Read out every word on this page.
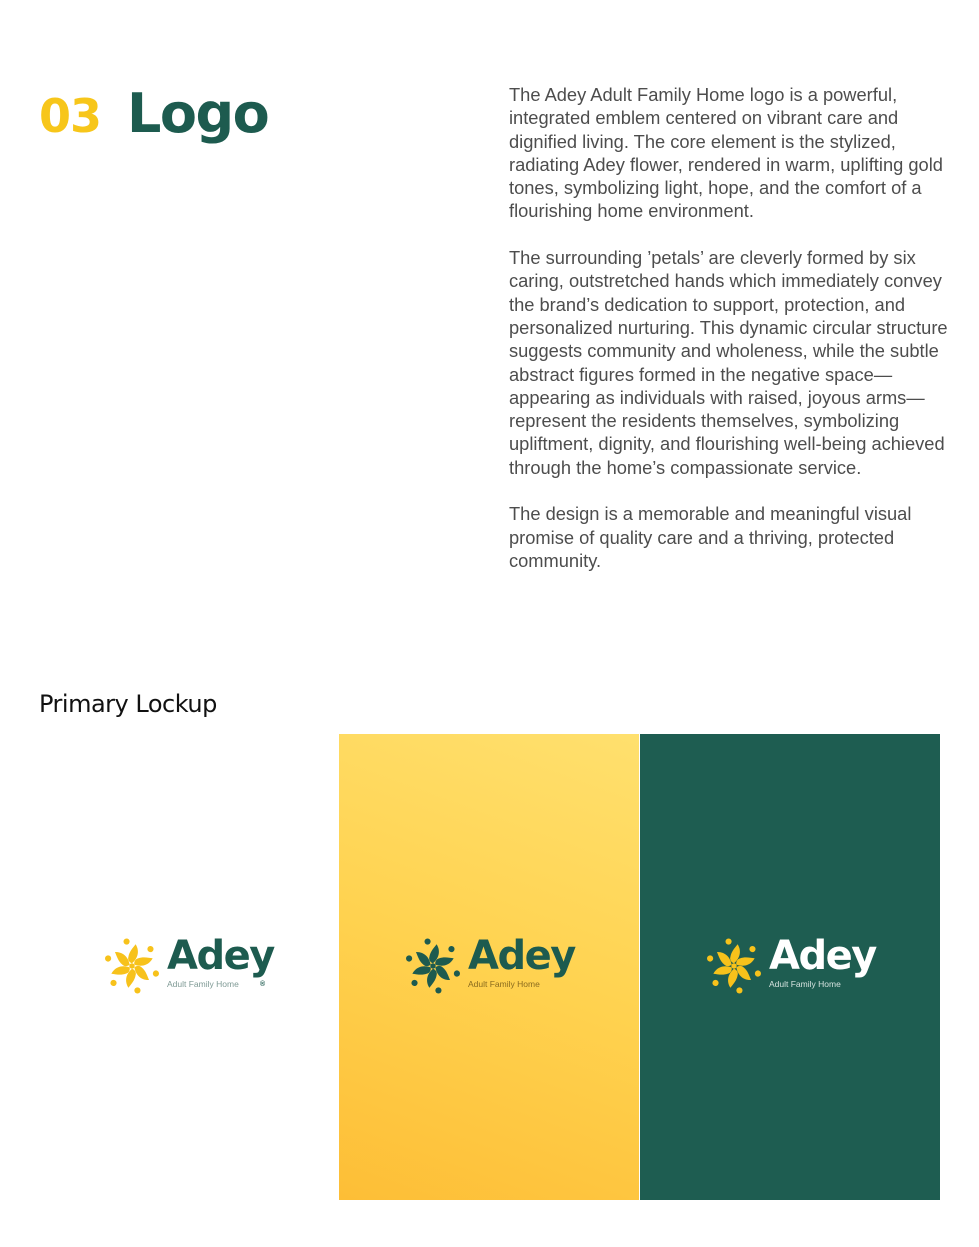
03 Logo	The Adey Adult Family Home logo is a powerful, integrated emblem centered on vibrant care and dignified living. The core element is the stylized, radiating Adey flower, rendered in warm, uplifting gold tones, symbolizing light, hope, and the comfort of a flourishing home environment.

The surrounding ’petals’ are cleverly formed by six caring, outstretched hands which immediately convey the brand’s dedication to support, protection, and personalized nurturing. This dynamic circular structure suggests community and wholeness, while the subtle abstract figures formed in the negative space—appearing as individuals with raised, joyous arms—represent the residents themselves, symbolizing upliftment, dignity, and flourishing well-being achieved through the home’s compassionate service.

The design is a memorable and meaningful visual promise of quality care and a thriving, protected community.

Primary Lockup
Adey
Adult Family Home	®
Adey
Adult Family Home
Adey
Adult Family Home
